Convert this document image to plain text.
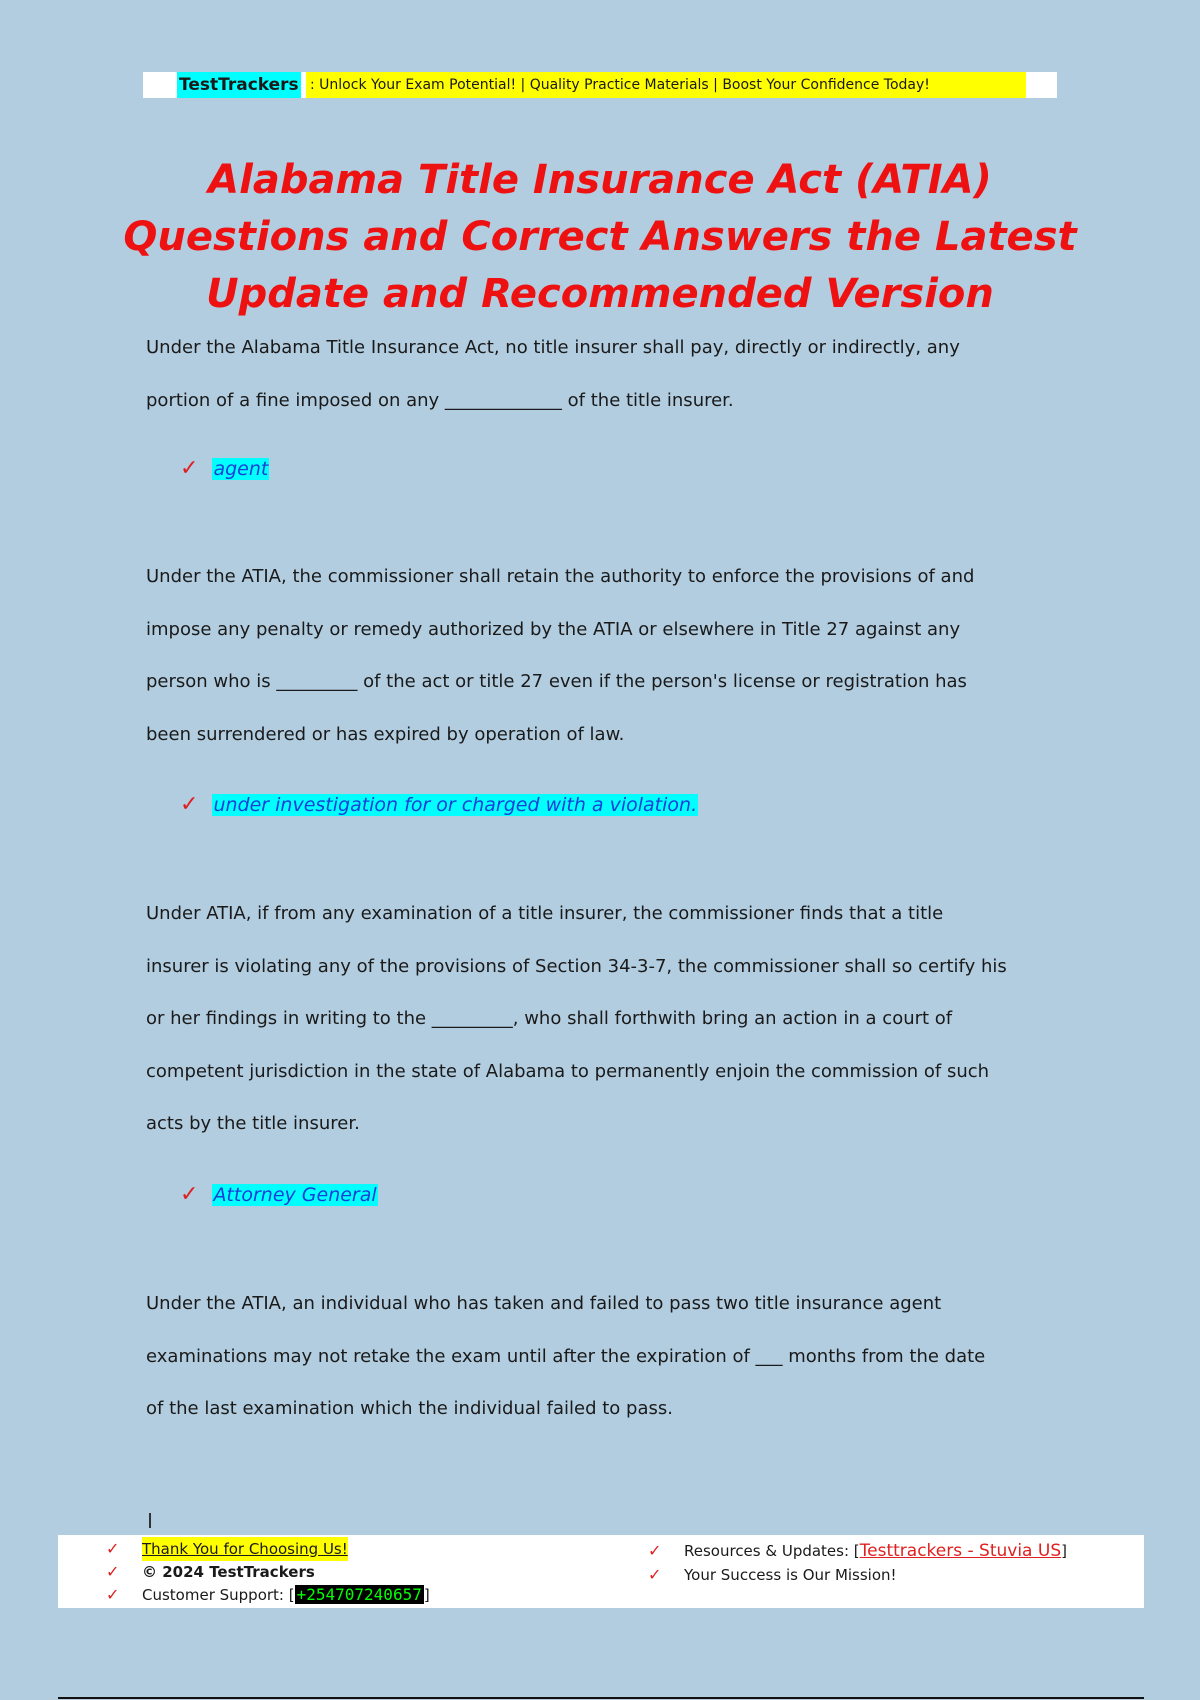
TestTrackers : Unlock Your Exam Potential! | Quality Practice Materials | Boost Your Confidence Today!
Alabama Title Insurance Act (ATIA)
Questions and Correct Answers the Latest
Update and Recommended Version
Under the Alabama Title Insurance Act, no title insurer shall pay, directly or indirectly, any
portion of a fine imposed on any _____________ of the title insurer.
✓ agent
Under the ATIA, the commissioner shall retain the authority to enforce the provisions of and
impose any penalty or remedy authorized by the ATIA or elsewhere in Title 27 against any
person who is _________ of the act or title 27 even if the person's license or registration has
been surrendered or has expired by operation of law.
✓ under investigation for or charged with a violation.
Under ATIA, if from any examination of a title insurer, the commissioner finds that a title
insurer is violating any of the provisions of Section 34-3-7, the commissioner shall so certify his
or her findings in writing to the _________, who shall forthwith bring an action in a court of
competent jurisdiction in the state of Alabama to permanently enjoin the commission of such
acts by the title insurer.
✓ Attorney General
Under the ATIA, an individual who has taken and failed to pass two title insurance agent
examinations may not retake the exam until after the expiration of ___ months from the date
of the last examination which the individual failed to pass.
✓ Thank You for Choosing Us!
✓ © 2024 TestTrackers
✓ Customer Support: [ +254707240657 ]
✓ Resources & Updates: [Testtrackers - Stuvia US]
✓ Your Success is Our Mission!
